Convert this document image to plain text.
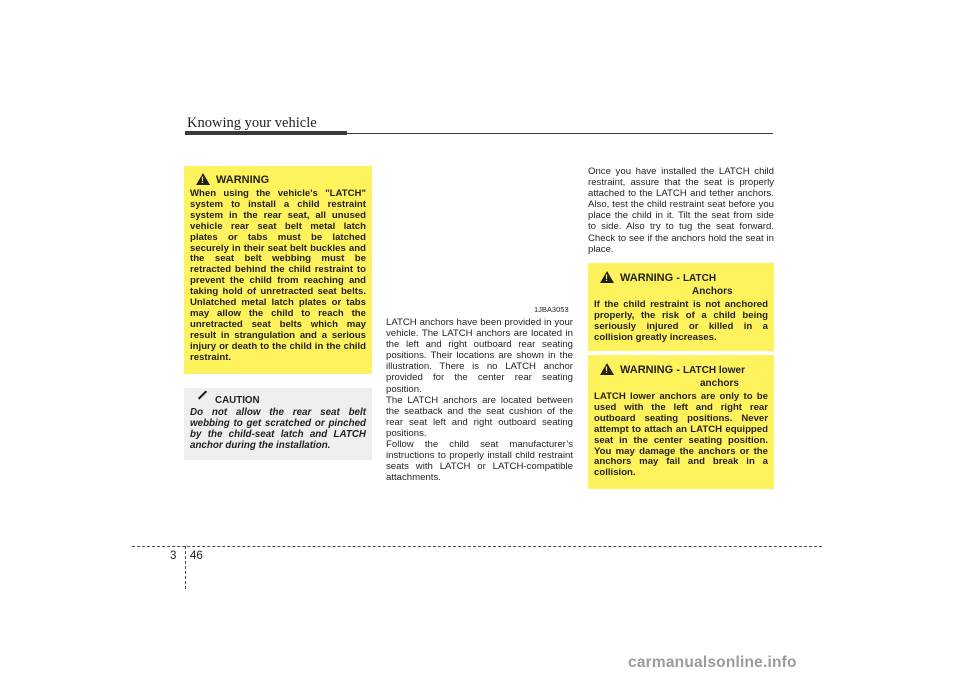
Knowing your vehicle
!
WARNING
When using the vehicle's "LATCH" system to install a child restraint system in the rear seat, all unused vehicle rear seat belt metal latch plates or tabs must be latched securely in their seat belt buckles and the seat belt webbing must be retracted behind the child restraint to prevent the child from reaching and taking hold of unretracted seat belts. Unlatched metal latch plates or tabs may allow the child to reach the unretracted seat belts which may result in strangulation and a serious injury or death to the child in the child restraint.
CAUTION
Do not allow the rear seat belt webbing to get scratched or pinched by the child-seat latch and LATCH anchor during the installation.
1JBA3053

LATCH anchors have been provided in your vehicle. The LATCH anchors are located in the left and right outboard rear seating positions. Their locations are shown in the illustration. There is no LATCH anchor provided for the center rear seating position.

The LATCH anchors are located between the seatback and the seat cushion of the rear seat left and right outboard seating positions.

Follow the child seat manufacturer’s instructions to properly install child restraint seats with LATCH or LATCH-compatible attachments.

Once you have installed the LATCH child restraint, assure that the seat is properly attached to the LATCH and tether anchors. Also, test the child restraint seat before you place the child in it. Tilt the seat from side to side. Also try to tug the seat forward. Check to see if the anchors hold the seat in place.

!
WARNING - LATCH
Anchors
If the child restraint is not anchored properly, the risk of a child being seriously injured or killed in a collision greatly increases.
!
WARNING - LATCH lower
anchors
LATCH lower anchors are only to be used with the left and right rear outboard seating positions. Never attempt to attach an LATCH equipped seat in the center seating position. You may damage the anchors or the anchors may fail and break in a collision.
3 46
carmanualsonline.info
